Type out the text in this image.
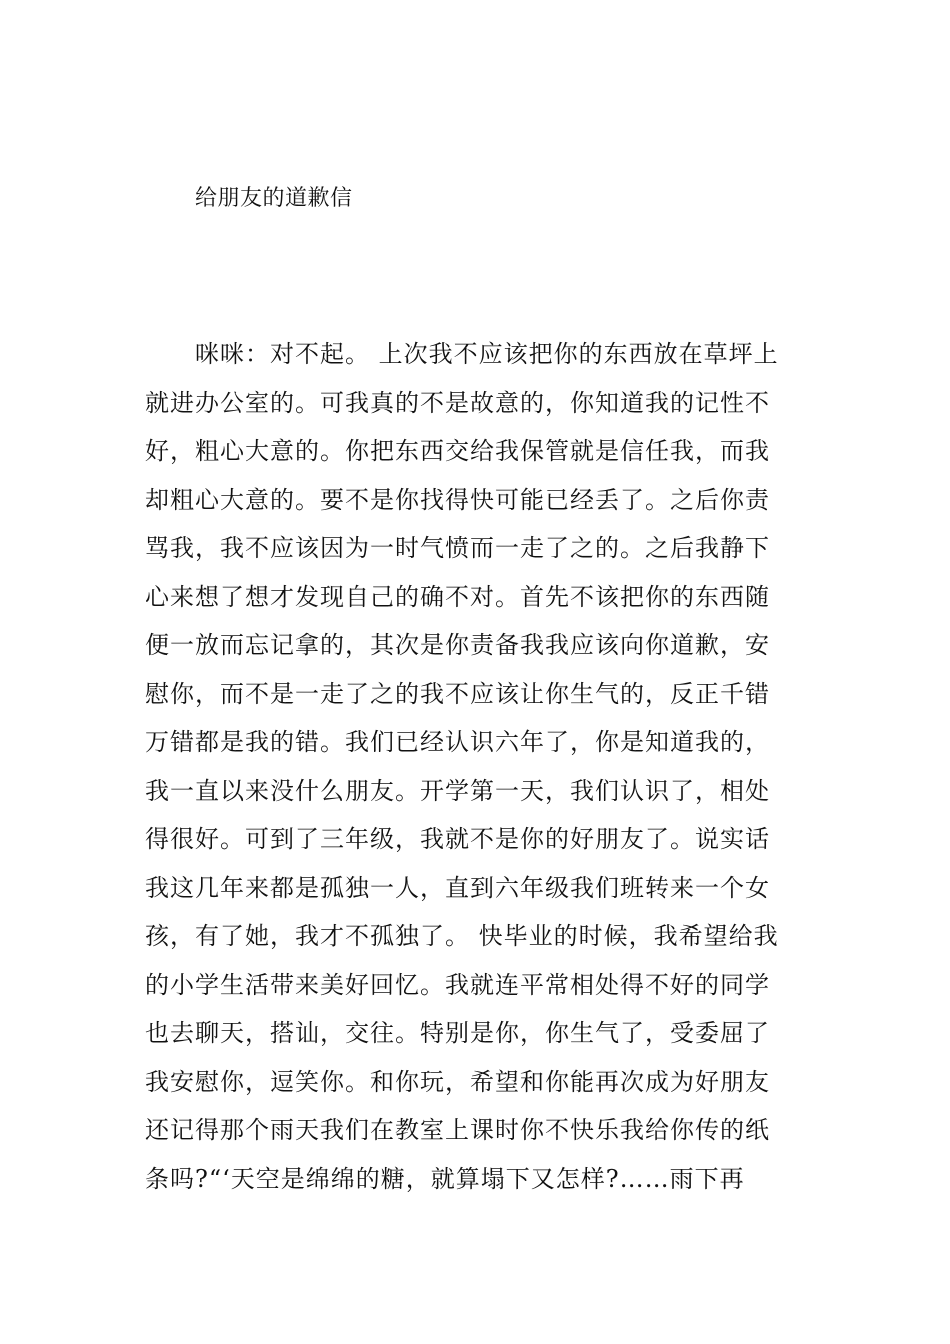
给朋友的道歉信
咪咪：对不起。 上次我不应该把你的东西放在草坪上
就进办公室的。可我真的不是故意的，你知道我的记性不
好，粗心大意的。你把东西交给我保管就是信任我，而我
却粗心大意的。要不是你找得快可能已经丢了。之后你责
骂我，我不应该因为一时气愤而一走了之的。之后我静下
心来想了想才发现自己的确不对。首先不该把你的东西随
便一放而忘记拿的，其次是你责备我我应该向你道歉，安
慰你，而不是一走了之的我不应该让你生气的，反正千错
万错都是我的错。我们已经认识六年了，你是知道我的，
我一直以来没什么朋友。开学第一天，我们认识了，相处
得很好。可到了三年级，我就不是你的好朋友了。说实话
我这几年来都是孤独一人，直到六年级我们班转来一个女
孩，有了她，我才不孤独了。 快毕业的时候，我希望给我
的小学生活带来美好回忆。我就连平常相处得不好的同学
也去聊天，搭讪，交往。特别是你，你生气了，受委屈了
我安慰你，逗笑你。和你玩，希望和你能再次成为好朋友
还记得那个雨天我们在教室上课时你不快乐我给你传的纸
条吗?“‘天空是绵绵的糖，就算塌下又怎样?……雨下再
